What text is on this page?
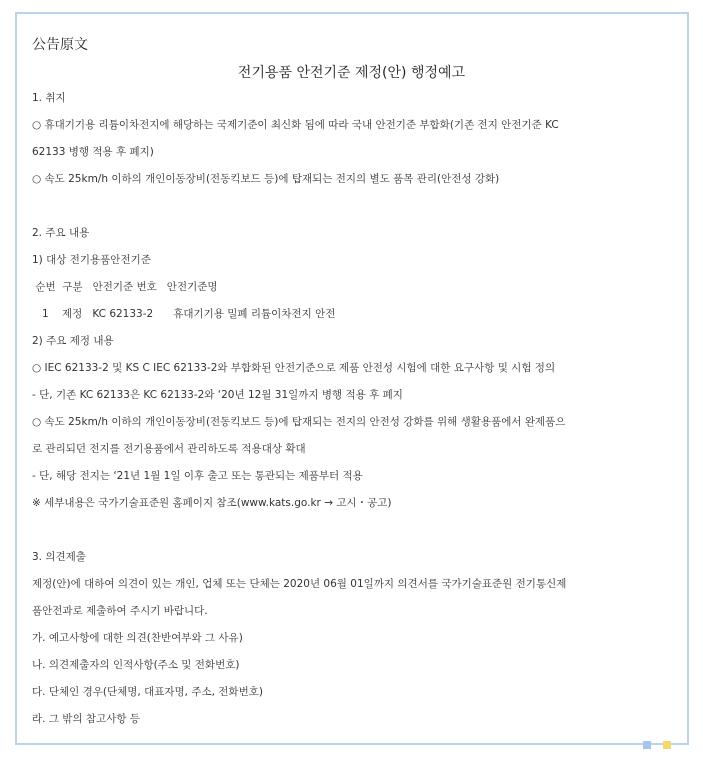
公告原文
전기용품 안전기준 제정(안) 행정예고
1. 취지
○ 휴대기기용 리튬이차전지에 해당하는 국제기준이 최신화 됨에 따라 국내 안전기준 부합화(기존 전지 안전기준 KC
62133 병행 적용 후 폐지)
○ 속도 25km/h 이하의 개인이동장비(전동킥보드 등)에 탑재되는 전지의 별도 품목 관리(안전성 강화)
2. 주요 내용
1) 대상 전기용품안전기준
순번  구분   안전기준 번호   안전기준명
1    제정   KC 62133-2      휴대기기용 밀폐 리튬이차전지 안전
2) 주요 제정 내용
○ IEC 62133-2 및 KS C IEC 62133-2와 부합화된 안전기준으로 제품 안전성 시험에 대한 요구사항 및 시험 정의
- 단, 기존 KC 62133은 KC 62133-2와 ‘20년 12월 31일까지 병행 적용 후 폐지
○ 속도 25km/h 이하의 개인이동장비(전동킥보드 등)에 탑재되는 전지의 안전성 강화를 위해 생활용품에서 완제품으
로 관리되던 전지를 전기용품에서 관리하도록 적용대상 확대
- 단, 해당 전지는 ‘21년 1월 1일 이후 출고 또는 통관되는 제품부터 적용
※ 세부내용은 국가기술표준원 홈페이지 참조(www.kats.go.kr → 고시・공고)
3. 의견제출
제정(안)에 대하여 의견이 있는 개인, 업체 또는 단체는 2020년 06월 01일까지 의견서를 국가기술표준원 전기통신제
품안전과로 제출하여 주시기 바랍니다.
가. 예고사항에 대한 의견(찬반여부와 그 사유)
나. 의견제출자의 인적사항(주소 및 전화번호)
다. 단체인 경우(단체명, 대표자명, 주소, 전화번호)
라. 그 밖의 참고사항 등
